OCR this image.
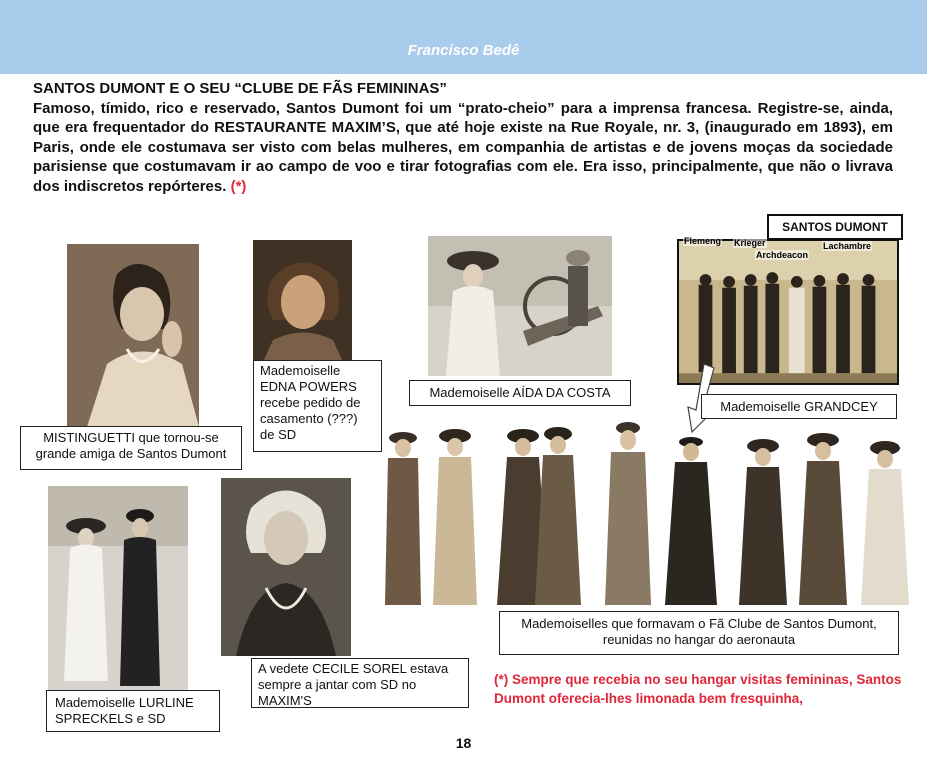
Francisco Bedê

SANTOS DUMONT E O SEU “CLUBE DE FÃS FEMININAS”

Famoso, tímido, rico e reservado, Santos Dumont foi um “prato-cheio” para a imprensa francesa. Registre-se, ainda, que era frequentador do RESTAURANTE MAXIM’S, que até hoje existe na Rue Royale, nr. 3, (inaugurado em 1893), em Paris, onde ele costumava ser visto com belas mulheres, em companhia de artistas e de jovens moças da sociedade parisiense que costumavam ir ao campo de voo e tirar fotografias com ele. Era isso, principalmente, que não o livrava dos indiscretos repórteres. (*)

SANTOS DUMONT
Flemeng Krieger
Archdeacon
Lachambre
MISTINGUETTI que tornou-se grande amiga de Santos Dumont
Mademoiselle
EDNA POWERS recebe pedido de casamento (???) de SD
Mademoiselle AÍDA DA COSTA
Mademoiselle GRANDCEY
Mademoiselle LURLINE SPRECKELS e SD
A vedete CECILE SOREL estava sempre a jantar com SD no MAXIM'S
Mademoiselles que formavam o Fã Clube de Santos Dumont, reunidas no hangar do aeronauta
(*) Sempre que recebia no seu hangar visitas femininas, Santos Dumont oferecia-lhes limonada bem fresquinha,
18
